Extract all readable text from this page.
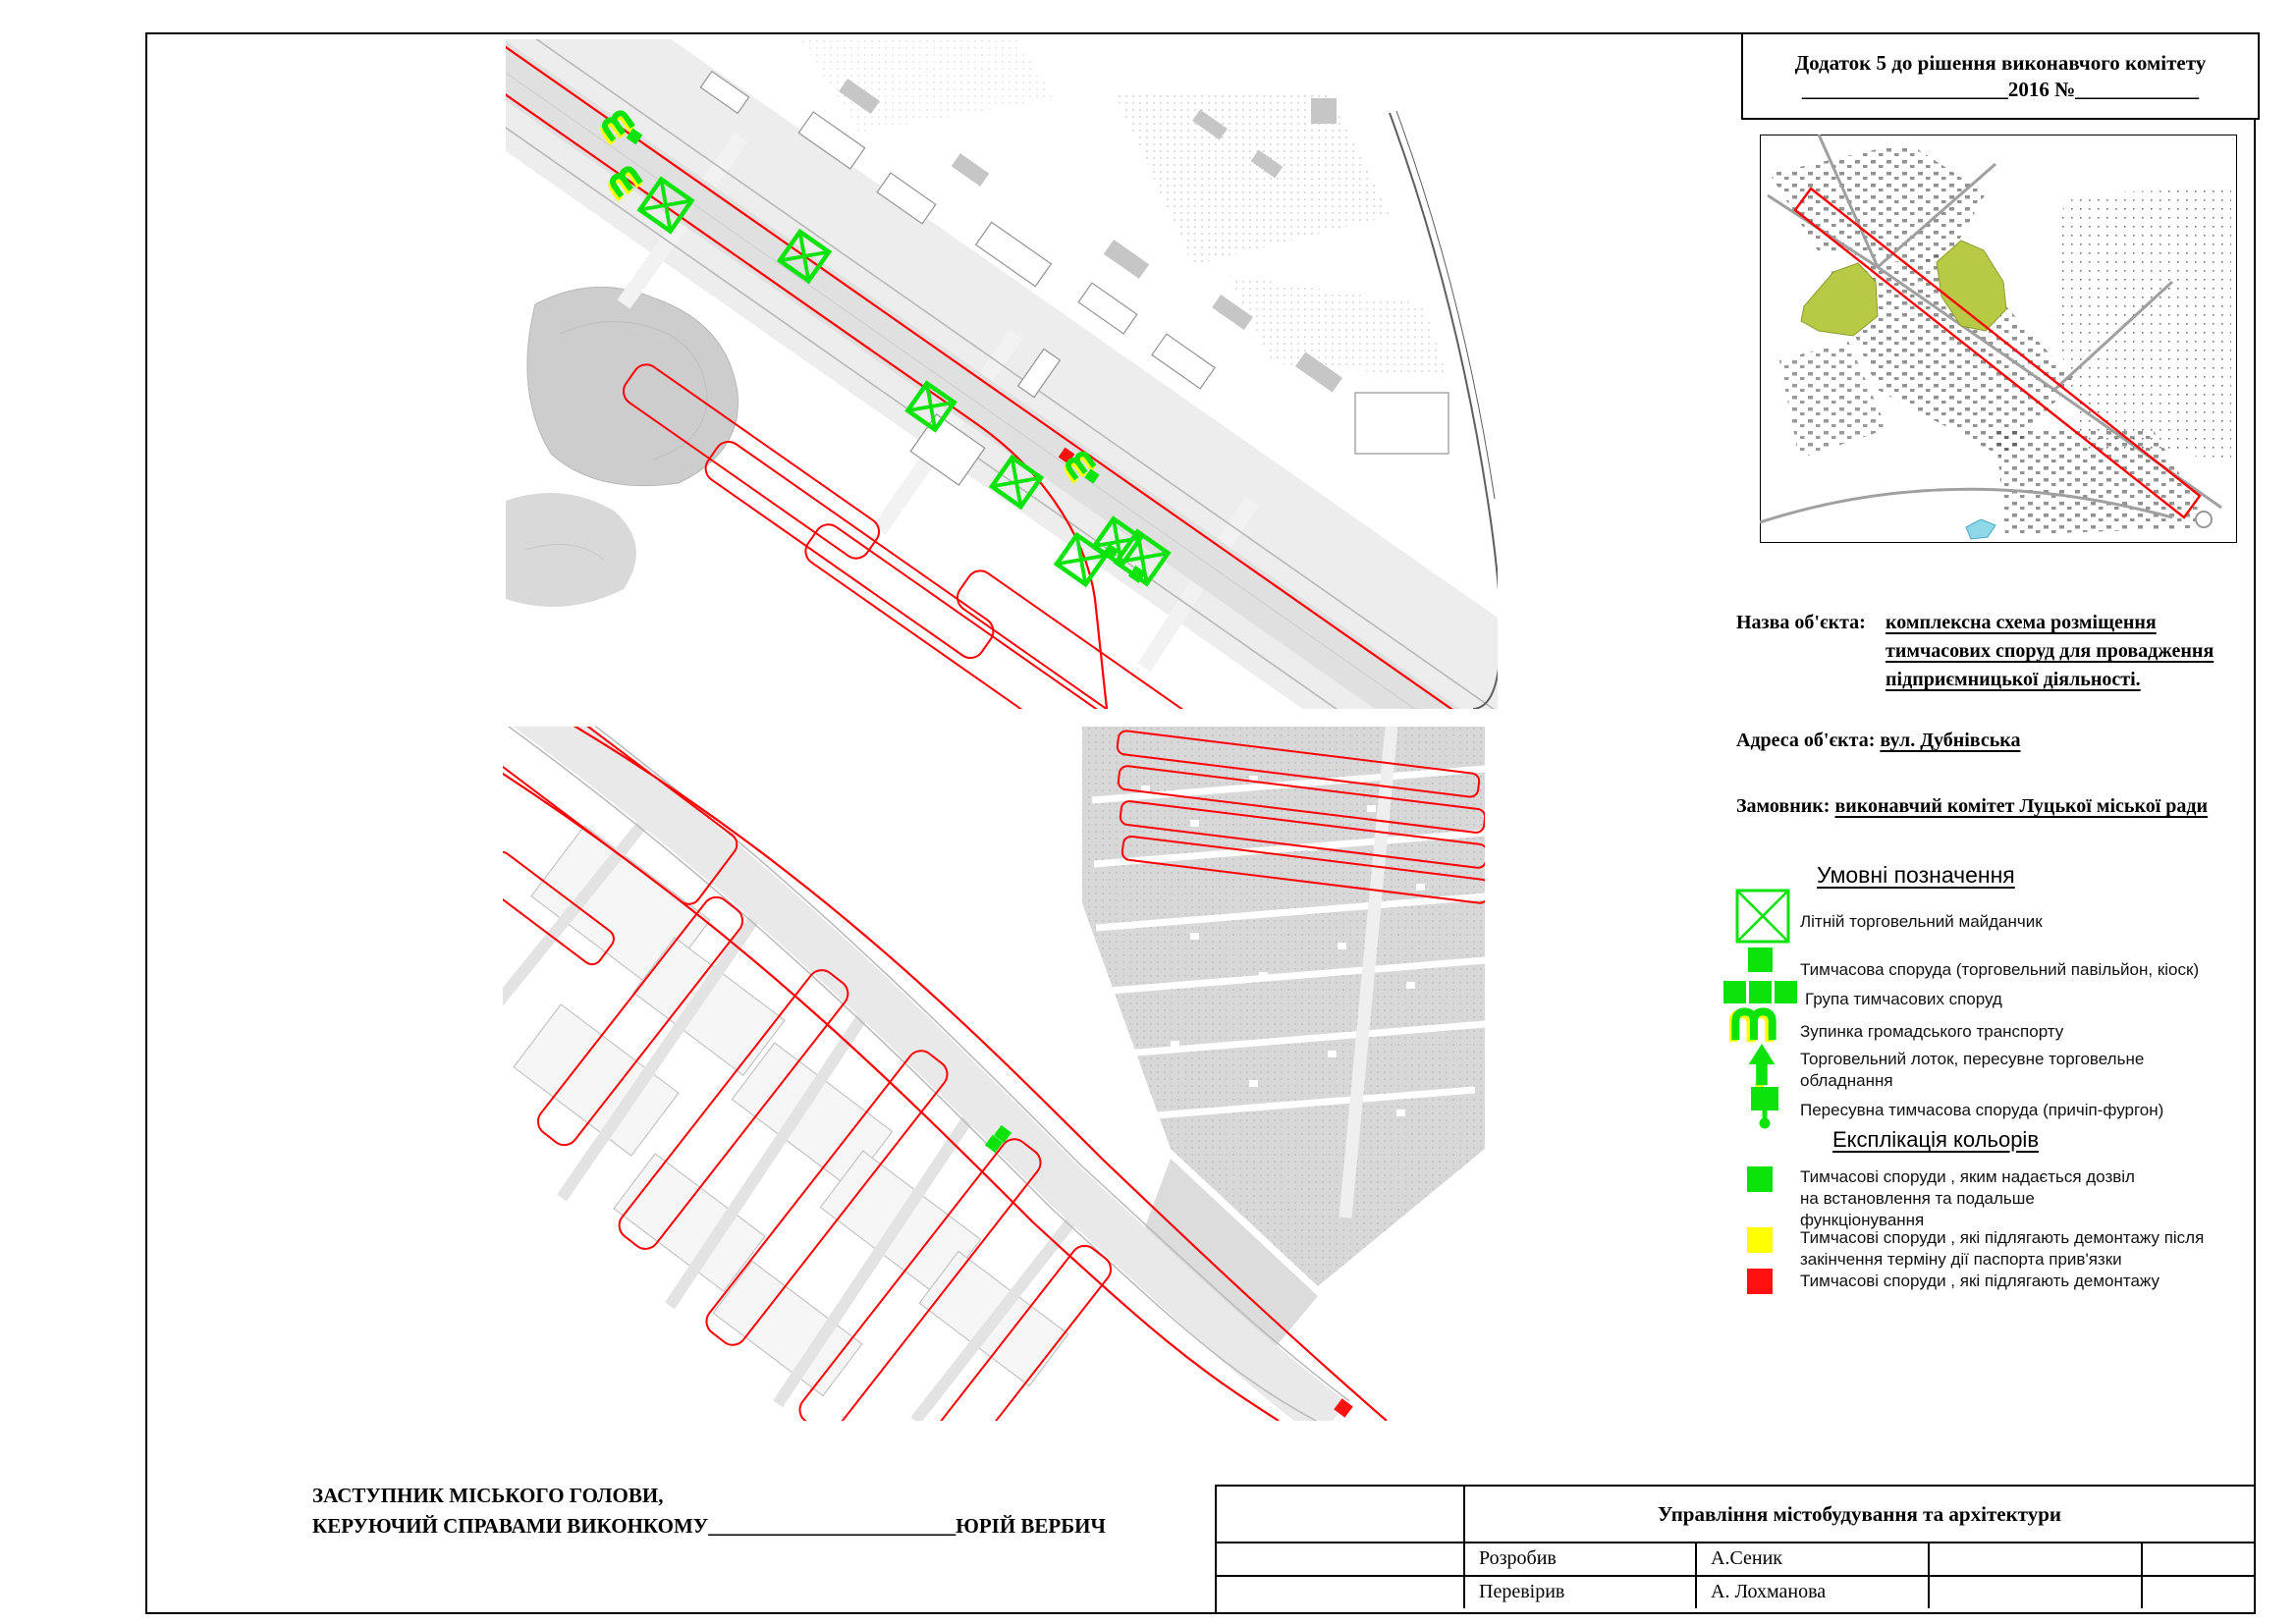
Додаток 5 до рішення виконавчого комітету
____________________2016 №____________
Назва об'єкта: комплексна схема розміщення
тимчасових споруд для провадження
підприємницької діяльності.
Адреса об'єкта: вул. Дубнівська
Замовник: виконавчий комітет Луцької міської ради
Умовні позначення
Літній торговельний майданчик
Тимчасова споруда (торговельний павільйон, кіоск)
Група тимчасових споруд
Зупинка громадського транспорту
Торговельний лоток, пересувне торговельне обладнання
Пересувна тимчасова споруда (причіп-фургон)
Експлікація кольорів
Тимчасові споруди , яким надається дозвіл на встановлення та подальше функціонування
Тимчасові споруди , які підлягають демонтажу після закінчення терміну дії паспорта прив'язки
Тимчасові споруди , які підлягають демонтажу
ЗАСТУПНИК МІСЬКОГО ГОЛОВИ,
КЕРУЮЧИЙ СПРАВАМИ ВИКОНКОМУ________________________ЮРІЙ ВЕРБИЧ
Управління містобудування та архітектури
Розробив	А.Сеник
Перевірив	А. Лохманова
